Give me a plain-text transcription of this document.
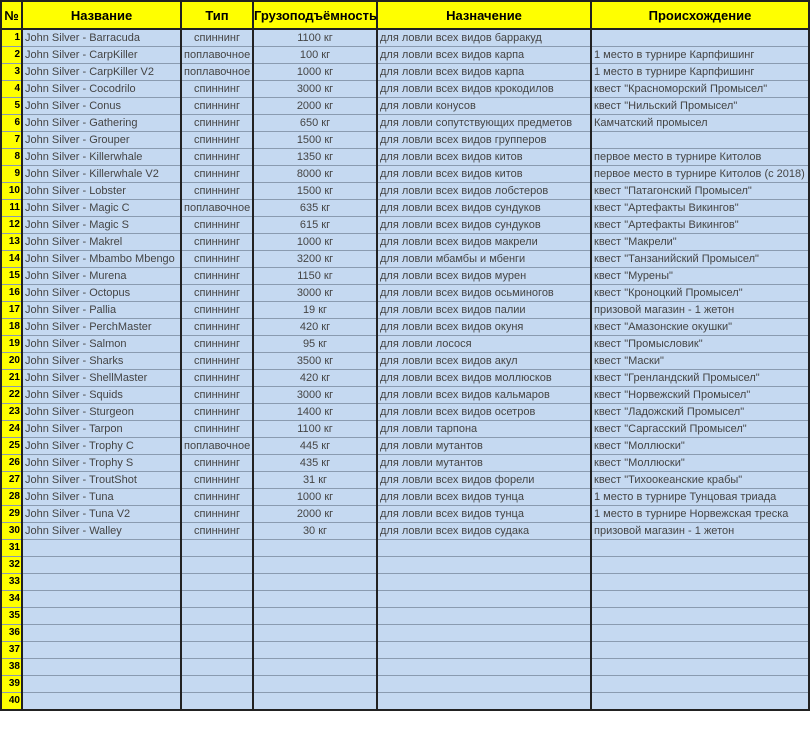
№	Название	Тип	Грузоподъёмность	Назначение	Происхождение
1	John Silver - Barracuda	спиннинг	1100 кг	для ловли всех видов барракуд	
2	John Silver - CarpKiller	поплавочное	100 кг	для ловли всех видов карпа	1 место в турнире Карпфишинг
3	John Silver - CarpKiller V2	поплавочное	1000 кг	для ловли всех видов карпа	1 место в турнире Карпфишинг
4	John Silver - Cocodrilo	спиннинг	3000 кг	для ловли всех видов крокодилов	квест "Красноморский Промысел"
5	John Silver - Conus	спиннинг	2000 кг	для ловли конусов	квест "Нильский Промысел"
6	John Silver - Gathering	спиннинг	650 кг	для ловли сопутствующих предметов	Камчатский промысел
7	John Silver - Grouper	спиннинг	1500 кг	для ловли всех видов групперов	
8	John Silver - Killerwhale	спиннинг	1350 кг	для ловли всех видов китов	первое место в турнире Китолов
9	John Silver - Killerwhale V2	спиннинг	8000 кг	для ловли всех видов китов	первое место в турнире Китолов (с 2018)
10	John Silver - Lobster	спиннинг	1500 кг	для ловли всех видов лобстеров	квест "Патагонский Промысел"
11	John Silver - Magic C	поплавочное	635 кг	для ловли всех видов сундуков	квест "Артефакты Викингов"
12	John Silver - Magic S	спиннинг	615 кг	для ловли всех видов сундуков	квест "Артефакты Викингов"
13	John Silver - Makrel	спиннинг	1000 кг	для ловли всех видов макрели	квест "Макрели"
14	John Silver - Mbambo Mbengo	спиннинг	3200 кг	для ловли мбамбы и мбенги	квест "Танзанийский Промысел"
15	John Silver - Murena	спиннинг	1150 кг	для ловли всех видов мурен	квест "Мурены"
16	John Silver - Octopus	спиннинг	3000 кг	для ловли всех видов осьминогов	квест "Кроноцкий Промысел"
17	John Silver - Pallia	спиннинг	19 кг	для ловли всех видов палии	призовой магазин - 1 жетон
18	John Silver - PerchMaster	спиннинг	420 кг	для ловли всех видов окуня	квест "Амазонские окушки"
19	John Silver - Salmon	спиннинг	95 кг	для ловли лосося	квест "Промысловик"
20	John Silver - Sharks	спиннинг	3500 кг	для ловли всех видов акул	квест "Маски"
21	John Silver - ShellMaster	спиннинг	420 кг	для ловли всех видов моллюсков	квест "Гренландский Промысел"
22	John Silver - Squids	спиннинг	3000 кг	для ловли всех видов кальмаров	квест "Норвежский Промысел"
23	John Silver - Sturgeon	спиннинг	1400 кг	для ловли всех видов осетров	квест "Ладожский Промысел"
24	John Silver - Tarpon	спиннинг	1100 кг	для ловли тарпона	квест "Саргасский Промысел"
25	John Silver - Trophy C	поплавочное	445 кг	для ловли мутантов	квест "Моллюски"
26	John Silver - Trophy S	спиннинг	435 кг	для ловли мутантов	квест "Моллюски"
27	John Silver - TroutShot	спиннинг	31 кг	для ловли всех видов форели	квест "Тихоокеанские крабы"
28	John Silver - Tuna	спиннинг	1000 кг	для ловли всех видов тунца	1 место в турнире Тунцовая триада
29	John Silver - Tuna V2	спиннинг	2000 кг	для ловли всех видов тунца	1 место в турнире Норвежская треска
30	John Silver - Walley	спиннинг	30 кг	для ловли всех видов судака	призовой магазин - 1 жетон
31					
32					
33					
34					
35					
36					
37					
38					
39					
40					
